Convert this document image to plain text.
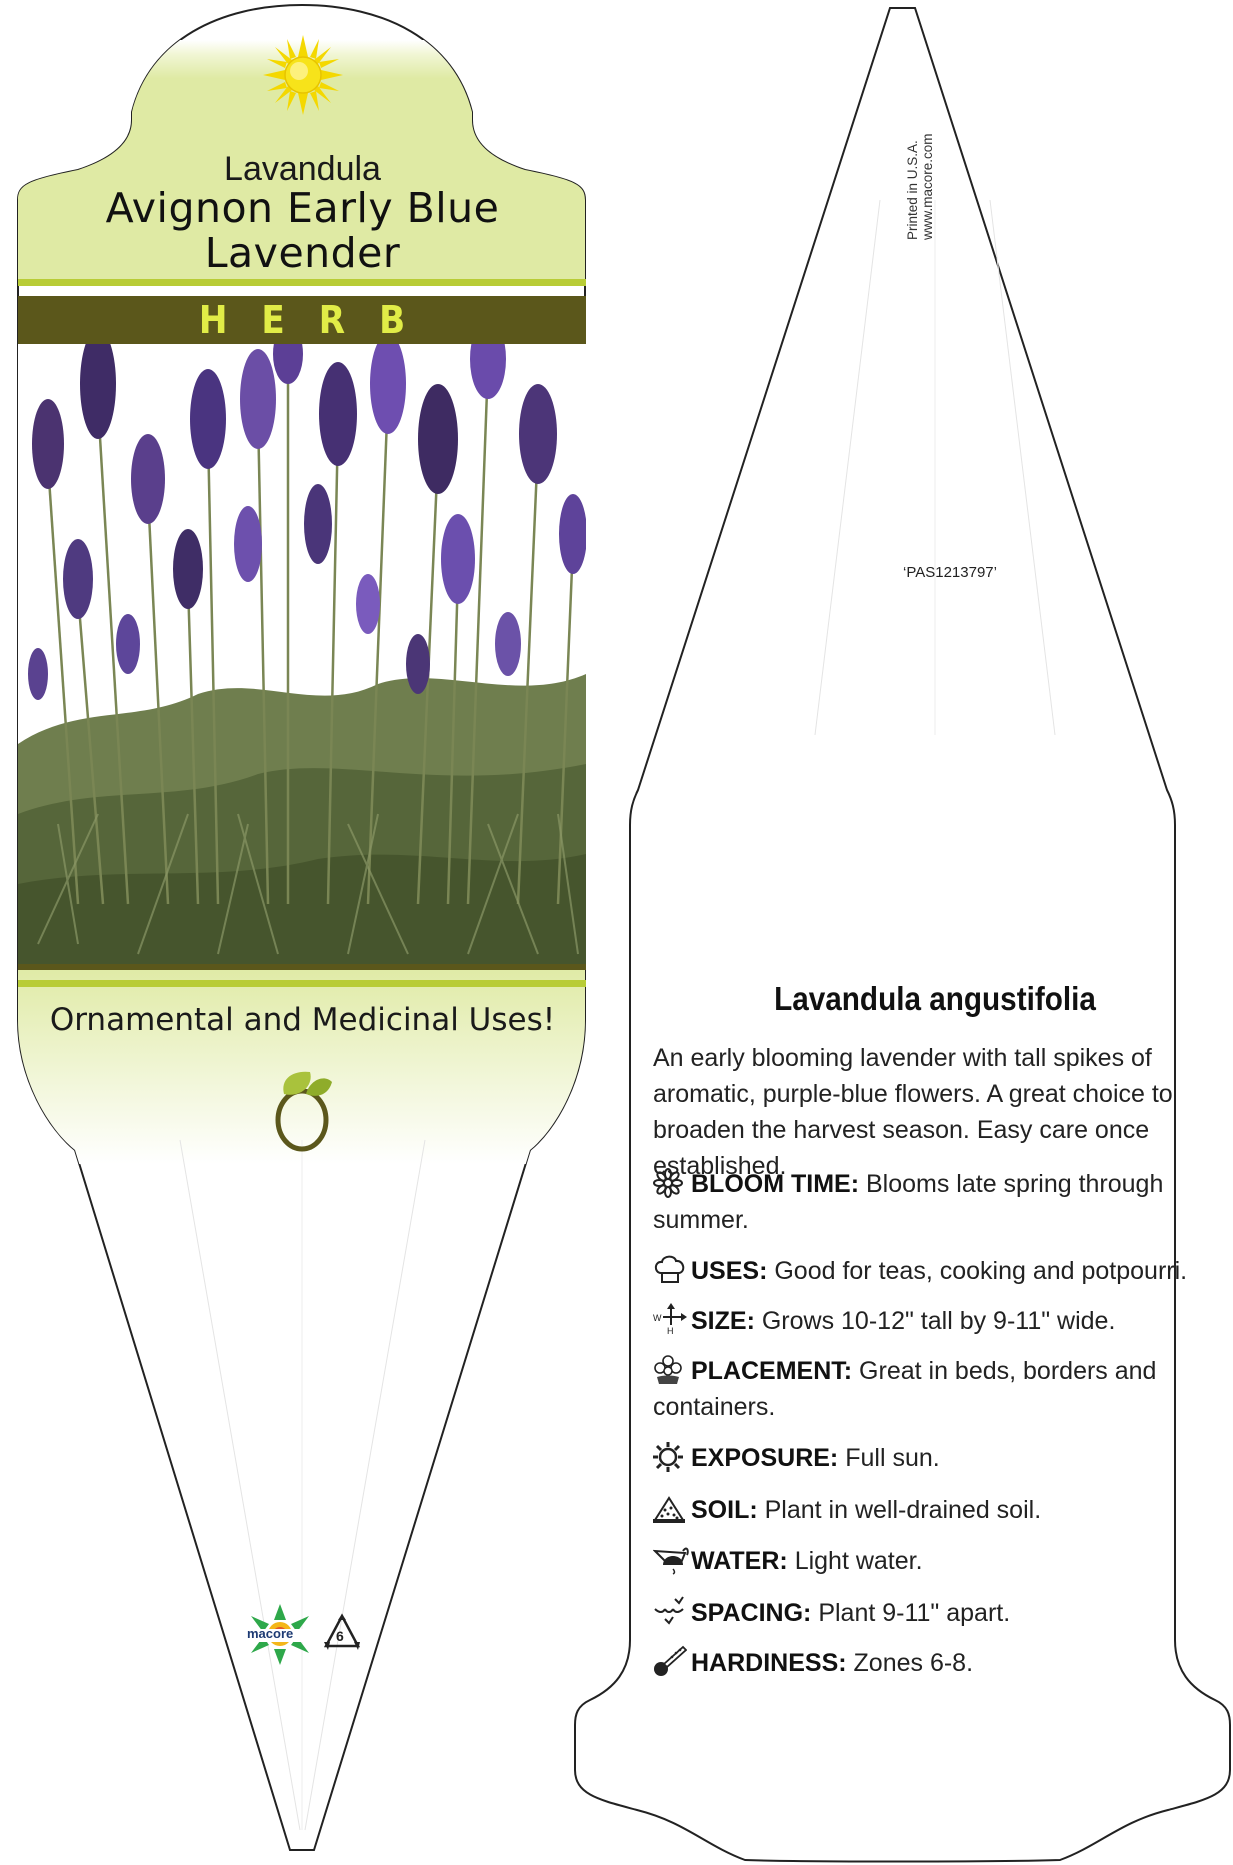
Lavandula
Avignon Early Blue
Lavender
HERB
Ornamental and Medicinal Uses!
macore	6
Printed in U.S.A. www.macore.com
‘PAS1213797’
Lavandula angustifolia
An early blooming lavender with tall spikes of aromatic, purple-blue flowers. A great choice to broaden the harvest season. Easy care once established.
BLOOM TIME: Blooms late spring through summer.
USES: Good for teas, cooking and potpourri.
W
H SIZE: Grows 10-12" tall by 9-11" wide.
PLACEMENT: Great in beds, borders and containers.
EXPOSURE: Full sun.
SOIL: Plant in well-drained soil.
WATER: Light water.
SPACING: Plant 9-11" apart.
HARDINESS: Zones 6-8.
